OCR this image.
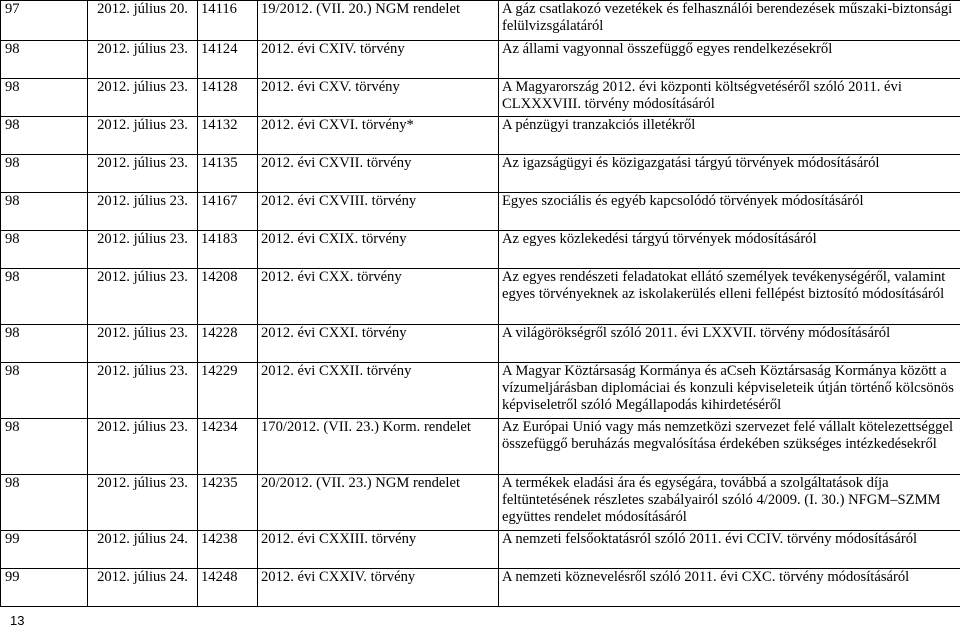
97	2012. július 20.	14116	19/2012. (VII. 20.) NGM rendelet	A gáz csatlakozó vezetékek és felhasználói berendezések műszaki-biztonsági felülvizsgálatáról
98	2012. július 23.	14124	2012. évi CXIV. törvény	Az állami vagyonnal összefüggő egyes rendelkezésekről
98	2012. július 23.	14128	2012. évi CXV. törvény	A Magyarország 2012. évi központi költségvetéséről szóló 2011. évi CLXXXVIII. törvény módosításáról
98	2012. július 23.	14132	2012. évi CXVI. törvény*	A pénzügyi tranzakciós illetékről
98	2012. július 23.	14135	2012. évi CXVII. törvény	Az igazságügyi és közigazgatási tárgyú törvények módosításáról
98	2012. július 23.	14167	2012. évi CXVIII. törvény	Egyes szociális és egyéb kapcsolódó törvények módosításáról
98	2012. július 23.	14183	2012. évi CXIX. törvény	Az egyes közlekedési tárgyú törvények módosításáról
98	2012. július 23.	14208	2012. évi CXX. törvény	Az egyes rendészeti feladatokat ellátó személyek tevékenységéről, valamint egyes törvényeknek az iskolakerülés elleni fellépést biztosító módosításáról
98	2012. július 23.	14228	2012. évi CXXI. törvény	A világörökségről szóló 2011. évi LXXVII. törvény módosításáról
98	2012. július 23.	14229	2012. évi CXXII. törvény	A Magyar Köztársaság Kormánya és aCseh Köztársaság Kormánya között a vízumeljárásban diplomáciai és konzuli képviseleteik útján történő kölcsönös képviseletről szóló Megállapodás kihirdetéséről
98	2012. július 23.	14234	170/2012. (VII. 23.) Korm. rendelet	Az Európai Unió vagy más nemzetközi szervezet felé vállalt kötelezettséggel összefüggő beruházás megvalósítása érdekében szükséges intézkedésekről
98	2012. július 23.	14235	20/2012. (VII. 23.) NGM rendelet	A termékek eladási ára és egységára, továbbá a szolgáltatások díja feltüntetésének részletes szabályairól szóló 4/2009. (I. 30.) NFGM–SZMM együttes rendelet módosításáról
99	2012. július 24.	14238	2012. évi CXXIII. törvény	A nemzeti felsőoktatásról szóló 2011. évi CCIV. törvény módosításáról
99	2012. július 24.	14248	2012. évi CXXIV. törvény	A nemzeti köznevelésről szóló 2011. évi CXC. törvény módosításáról
13
